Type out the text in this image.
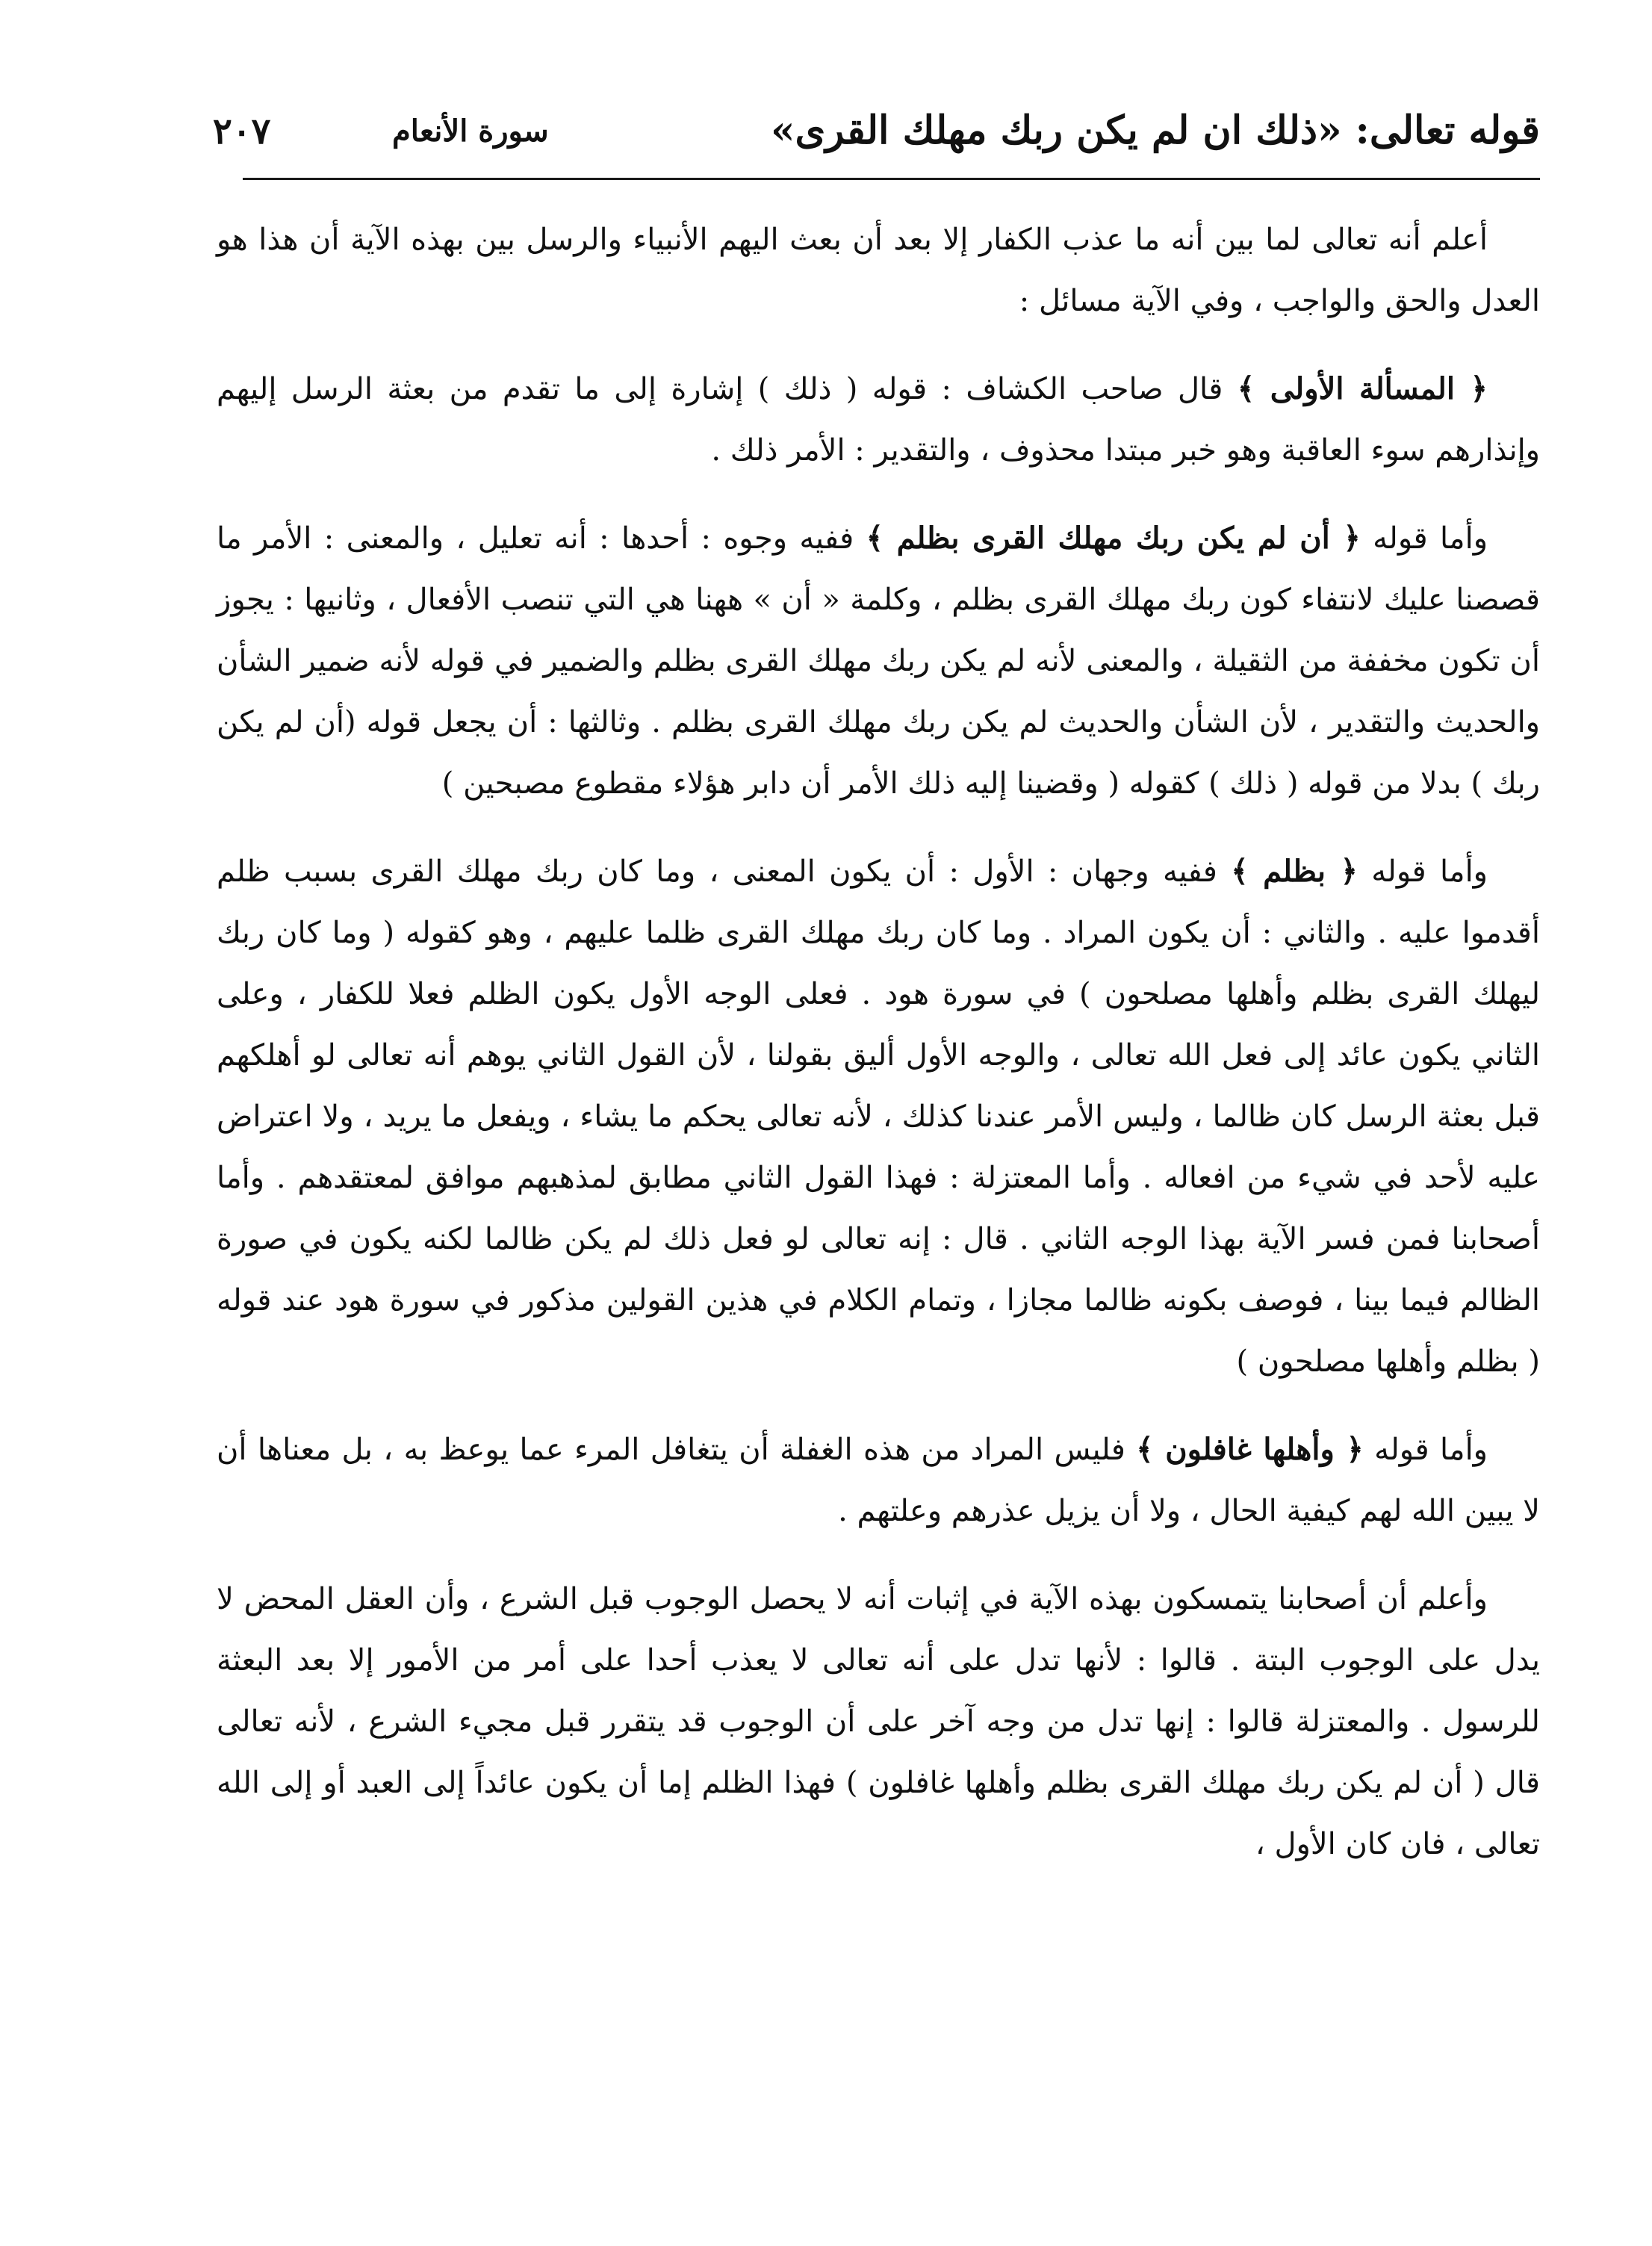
قوله تعالى: «ذلك ان لم يكن ربك مهلك القرى»
سورة الأنعام
٢٠٧

أعلم أنه تعالى لما بين أنه ما عذب الكفار إلا بعد أن بعث اليهم الأنبياء والرسل بين بهذه الآية أن هذا هو العدل والحق والواجب ، وفي الآية مسائل :

﴿ المسألة الأولى ﴾ قال صاحب الكشاف : قوله ( ذلك ) إشارة إلى ما تقدم من بعثة الرسل إليهم وإنذارهم سوء العاقبة وهو خبر مبتدا محذوف ، والتقدير : الأمر ذلك .

وأما قوله ﴿ أن لم يكن ربك مهلك القرى بظلم ﴾ ففيه وجوه : أحدها : أنه تعليل ، والمعنى : الأمر ما قصصنا عليك لانتفاء كون ربك مهلك القرى بظلم ، وكلمة « أن » ههنا هي التي تنصب الأفعال ، وثانيها : يجوز أن تكون مخففة من الثقيلة ، والمعنى لأنه لم يكن ربك مهلك القرى بظلم والضمير في قوله لأنه ضمير الشأن والحديث والتقدير ، لأن الشأن والحديث لم يكن ربك مهلك القرى بظلم . وثالثها : أن يجعل قوله (أن لم يكن ربك ) بدلا من قوله ( ذلك ) كقوله ( وقضينا إليه ذلك الأمر أن دابر هؤلاء مقطوع مصبحين )

وأما قوله ﴿ بظلم ﴾ ففيه وجهان : الأول : أن يكون المعنى ، وما كان ربك مهلك القرى بسبب ظلم أقدموا عليه . والثاني : أن يكون المراد . وما كان ربك مهلك القرى ظلما عليهم ، وهو كقوله ( وما كان ربك ليهلك القرى بظلم وأهلها مصلحون ) في سورة هود . فعلى الوجه الأول يكون الظلم فعلا للكفار ، وعلى الثاني يكون عائد إلى فعل الله تعالى ، والوجه الأول أليق بقولنا ، لأن القول الثاني يوهم أنه تعالى لو أهلكهم قبل بعثة الرسل كان ظالما ، وليس الأمر عندنا كذلك ، لأنه تعالى يحكم ما يشاء ، ويفعل ما يريد ، ولا اعتراض عليه لأحد في شيء من افعاله . وأما المعتزلة : فهذا القول الثاني مطابق لمذهبهم موافق لمعتقدهم . وأما أصحابنا فمن فسر الآية بهذا الوجه الثاني . قال : إنه تعالى لو فعل ذلك لم يكن ظالما لكنه يكون في صورة الظالم فيما بينا ، فوصف بكونه ظالما مجازا ، وتمام الكلام في هذين القولين مذكور في سورة هود عند قوله ( بظلم وأهلها مصلحون )

وأما قوله ﴿ وأهلها غافلون ﴾ فليس المراد من هذه الغفلة أن يتغافل المرء عما يوعظ به ، بل معناها أن لا يبين الله لهم كيفية الحال ، ولا أن يزيل عذرهم وعلتهم .

وأعلم أن أصحابنا يتمسكون بهذه الآية في إثبات أنه لا يحصل الوجوب قبل الشرع ، وأن العقل المحض لا يدل على الوجوب البتة . قالوا : لأنها تدل على أنه تعالى لا يعذب أحدا على أمر من الأمور إلا بعد البعثة للرسول . والمعتزلة قالوا : إنها تدل من وجه آخر على أن الوجوب قد يتقرر قبل مجيء الشرع ، لأنه تعالى قال ( أن لم يكن ربك مهلك القرى بظلم وأهلها غافلون ) فهذا الظلم إما أن يكون عائداً إلى العبد أو إلى الله تعالى ، فان كان الأول ،
